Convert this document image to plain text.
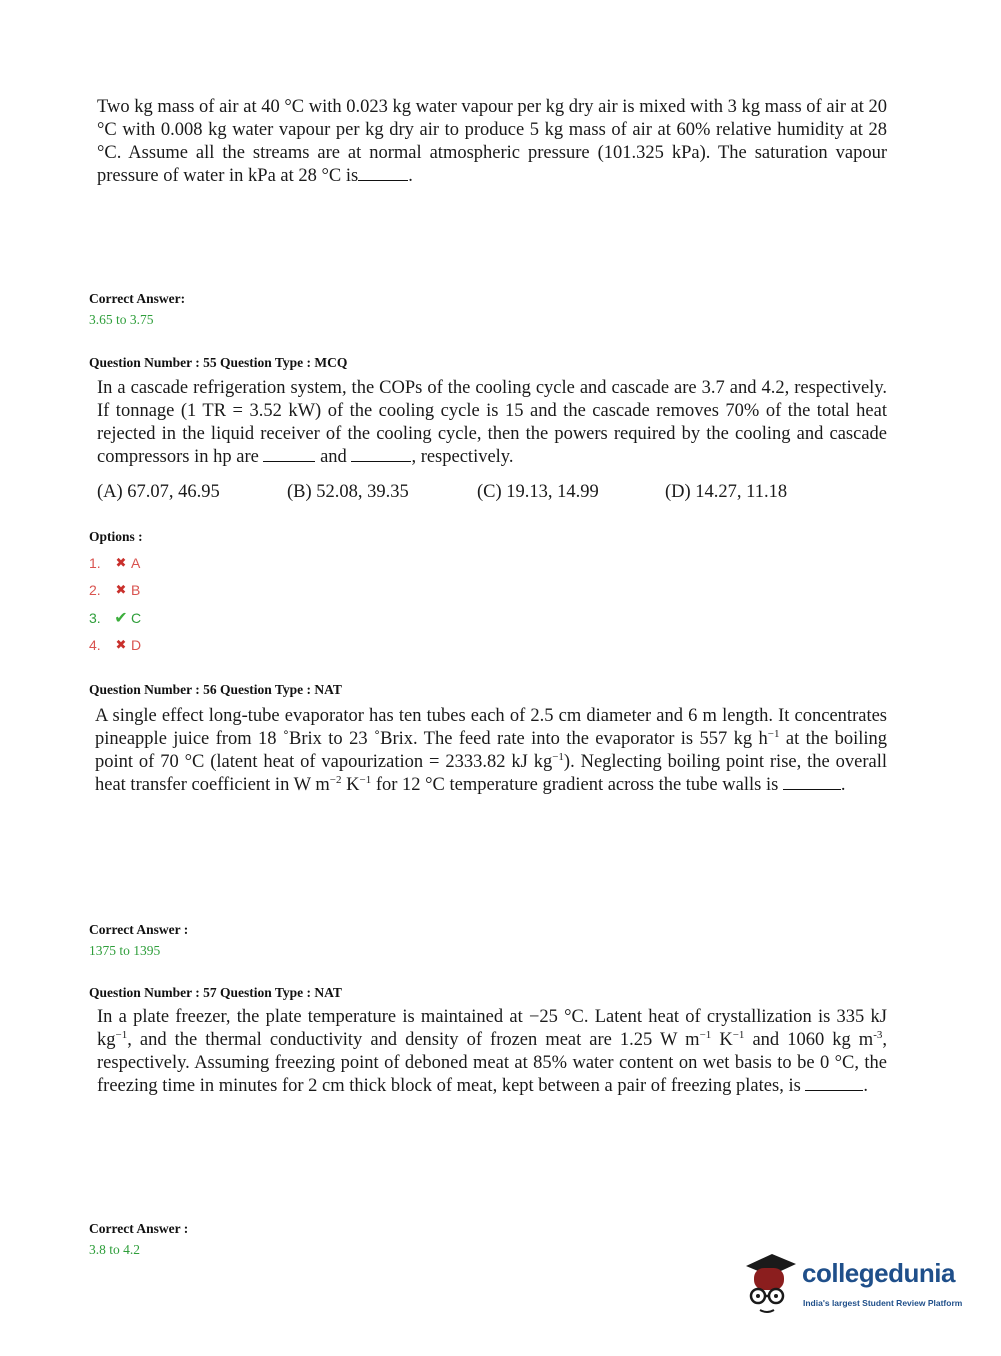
Two kg mass of air at 40 °C with 0.023 kg water vapour per kg dry air is mixed with 3 kg mass of air at 20 °C with 0.008 kg water vapour per kg dry air to produce 5 kg mass of air at 60% relative humidity at 28 °C. Assume all the streams are at normal atmospheric pressure (101.325 kPa). The saturation vapour pressure of water in kPa at 28 °C is	.
Correct Answer:
3.65 to 3.75
Question Number : 55 Question Type : MCQ
In a cascade refrigeration system, the COPs of the cooling cycle and cascade are 3.7 and 4.2, respectively. If tonnage (1 TR = 3.52 kW) of the cooling cycle is 15 and the cascade removes 70% of the total heat rejected in the liquid receiver of the cooling cycle, then the powers required by the cooling and cascade compressors in hp are	and	, respectively.
(A) 67.07, 46.95	(B) 52.08, 39.35	(C) 19.13, 14.99	(D) 14.27, 11.18
Options :
1.	✖ A
2.	✖ B
3. ✔ C
4.	✖ D
Question Number : 56 Question Type : NAT
A single effect long-tube evaporator has ten tubes each of 2.5 cm diameter and 6 m length. It concentrates pineapple juice from 18 ˚Brix to 23 ˚Brix. The feed rate into the evaporator is 557 kg $h^{-1}$ at the boiling point of 70 °C (latent heat of vapourization = 2333.82 kJ $kg^{-1}$). Neglecting boiling point rise, the overall heat transfer coefficient in W $m^{-2}$ $K^{-1}$ for 12 °C temperature gradient across the tube walls is	.
Correct Answer :
1375 to 1395
Question Number : 57 Question Type : NAT
In a plate freezer, the plate temperature is maintained at −25 °C. Latent heat of crystallization is 335 kJ $kg^{-1}$, and the thermal conductivity and density of frozen meat are 1.25 W $m^{-1}$ $K^{-1}$ and 1060 kg $m^{-3}$, respectively. Assuming freezing point of deboned meat at 85% water content on wet basis to be 0 °C, the freezing time in minutes for 2 cm thick block of meat, kept between a pair of freezing plates, is	.
Correct Answer :
3.8 to 4.2
collegedunia
India's largest Student Review Platform
